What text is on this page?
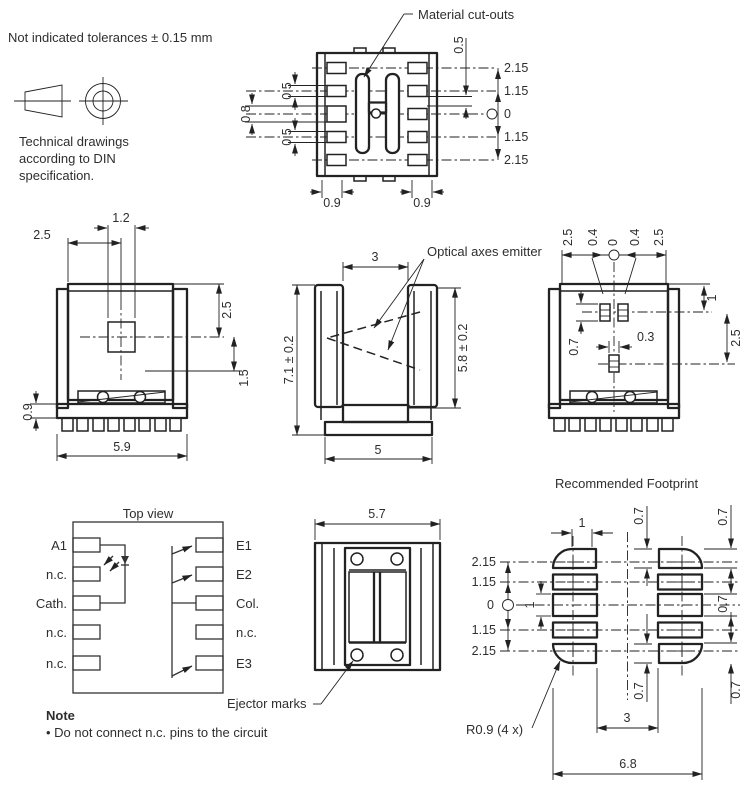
Not indicated tolerances ± 0.15 mm
Technical drawings
according to DIN
specification.
0.5
0.8
0.5
0.5
2.15
1.15
0
1.15
2.15
0.9	0.9
Material cut-outs
1.2
2.5
2.5
1.5
0.9
5.9
3
7.1 ± 0.2	5.8 ± 0.2
5
Optical axes emitter
2.5 0.4 0 0.4 2.5
0.7
0.3
1
2.5
5.7
Ejector marks
Top view
A1
n.c.
Cath.
n.c.
n.c.
E1
E2
Col.
n.c.
E3
Recommended Footprint
2.15
1.15
0
1.15
2.15
1
1
0.7	0.7
0.7
0.7	0.7
3
6.8
R0.9 (4 x)
Note
• Do not connect n.c. pins to the circuit
